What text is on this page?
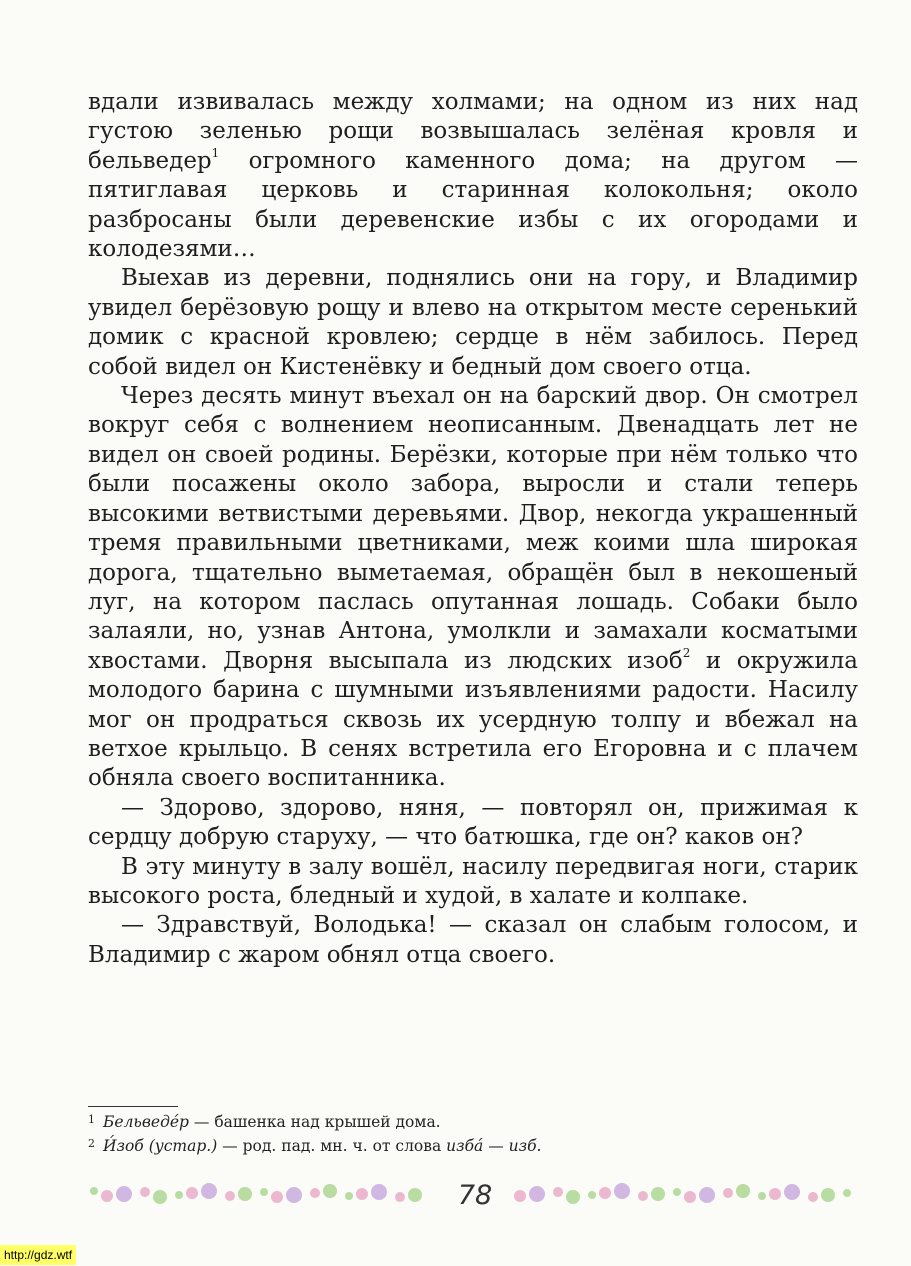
вдали извивалась между холмами; на одном из них над густою зеленью рощи возвышалась зелёная кровля и бельведер$^1$ огромного каменного дома; на другом — пятиглавая церковь и старинная колокольня; около разбросаны были деревенские избы с их огородами и колодезями…

Выехав из деревни, поднялись они на гору, и Владимир увидел берёзовую рощу и влево на открытом месте серенький домик с красной кровлею; сердце в нём забилось. Перед собой видел он Кистенёвку и бедный дом своего отца.

Через десять минут въехал он на барский двор. Он смотрел вокруг себя с волнением неописанным. Двенадцать лет не видел он своей родины. Берёзки, которые при нём только что были посажены около забора, выросли и стали теперь высокими ветвистыми деревьями. Двор, некогда украшенный тремя правильными цветниками, меж коими шла широкая дорога, тщательно выметаемая, обращён был в некошеный луг, на котором паслась опутанная лошадь. Собаки было залаяли, но, узнав Антона, умолкли и замахали косматыми хвостами. Дворня высыпала из людских изоб$^2$ и окружила молодого барина с шумными изъявлениями радости. Насилу мог он продраться сквозь их усердную толпу и вбежал на ветхое крыльцо. В сенях встретила его Егоровна и с плачем обняла своего воспитанника.

— Здорово, здорово, няня, — повторял он, прижимая к сердцу добрую старуху, — что батюшка, где он? каков он?

В эту минуту в залу вошёл, насилу передвигая ноги, старик высокого роста, бледный и худой, в халате и колпаке.

— Здравствуй, Володька! — сказал он слабым голосом, и Владимир с жаром обнял отца своего.

$^1$ Бельведе́р — башенка над крышей дома.
$^2$ И́зоб (устар.) — род. пад. мн. ч. от слова изба́ — изб.
78
http://gdz.wtf
